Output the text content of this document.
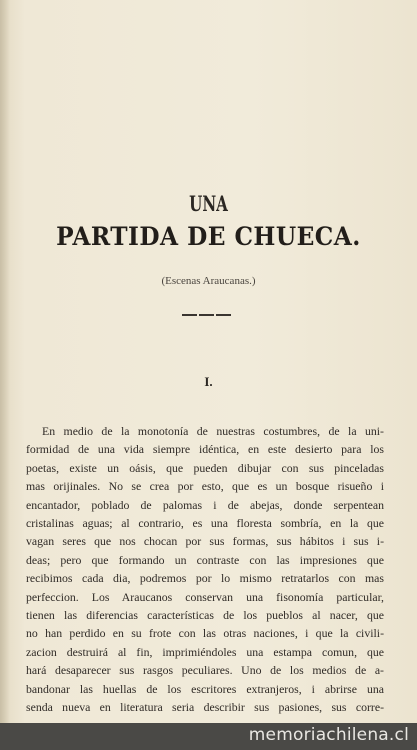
UNA
PARTIDA DE CHUECA.
(Escenas Araucanas.)
I.
En medio de la monotonía de nuestras costumbres, de la uni-
formidad de una vida siempre idéntica, en este desierto para los
poetas, existe un oásis, que pueden dibujar con sus pinceladas
mas orijinales. No se crea por esto, que es un bosque risueño i
encantador, poblado de palomas i de abejas, donde serpentean
cristalinas aguas; al contrario, es una floresta sombría, en la que
vagan seres que nos chocan por sus formas, sus hábitos i sus i-
deas; pero que formando un contraste con las impresiones que
recibimos cada dia, podremos por lo mismo retratarlos con mas
perfeccion. Los Araucanos conservan una fisonomía particular,
tienen las diferencias características de los pueblos al nacer, que
no han perdido en su frote con las otras naciones, i que la civili-
zacion destruirá al fin, imprimiéndoles una estampa comun, que
hará desaparecer sus rasgos peculiares. Uno de los medios de a-
bandonar las huellas de los escritores extranjeros, i abrirse una
senda nueva en literatura seria describir sus pasiones, sus corre-
memoriachilena.cl
